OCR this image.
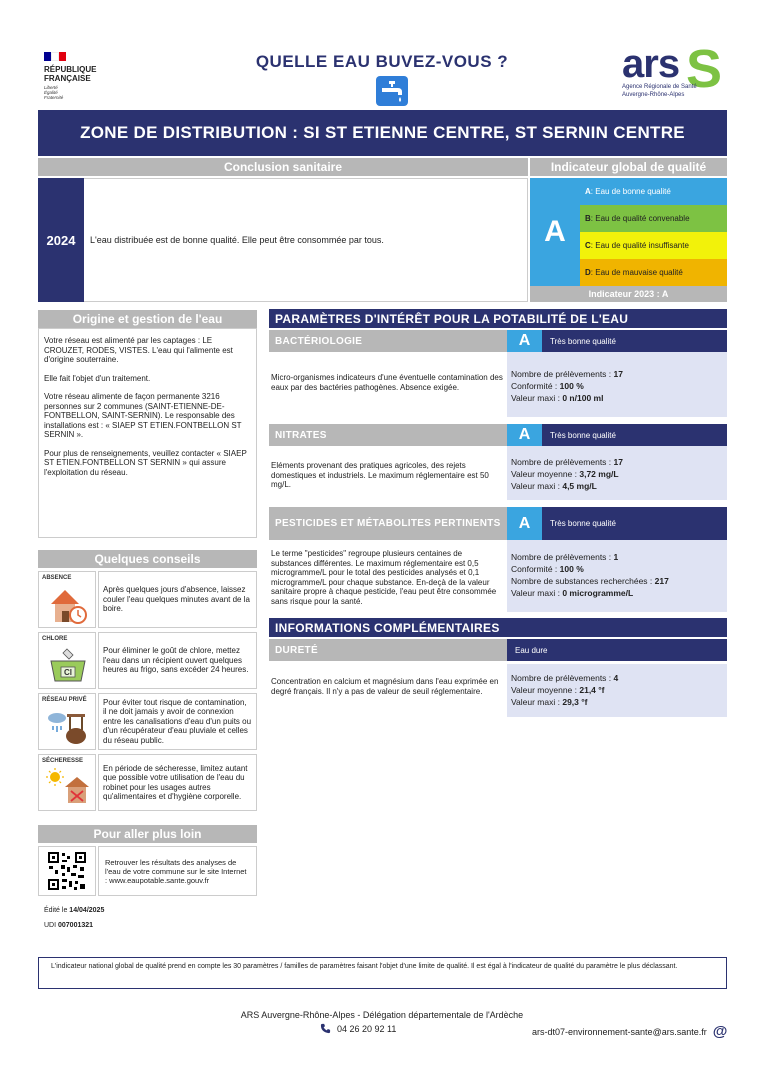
RÉPUBLIQUE
FRANÇAISE
Liberté
Égalité
Fraternité
QUELLE EAU BUVEZ-VOUS ?	ars S
Agence Régionale de Santé
Auvergne-Rhône-Alpes
ZONE DE DISTRIBUTION : SI ST ETIENNE CENTRE, ST SERNIN CENTRE
Conclusion sanitaire	Indicateur global de qualité
2024	L'eau distribuée est de bonne qualité. Elle peut être consommée par tous.	A
A : Eau de bonne qualité
B : Eau de qualité convenable
C : Eau de qualité insuffisante
D : Eau de mauvaise qualité
Indicateur 2023 : A
Origine et gestion de l'eau

Votre réseau est alimenté par les captages : LE CROUZET, RODES, VISTES. L'eau qui l'alimente est d'origine souterraine.

Elle fait l'objet d'un traitement.

Votre réseau alimente de façon permanente 3216 personnes sur 2 communes (SAINT-ETIENNE-DE-FONTBELLON, SAINT-SERNIN). Le responsable des installations est : « SIAEP ST ETIEN.FONTBELLON ST SERNIN ».

Pour plus de renseignements, veuillez contacter « SIAEP ST ETIEN.FONTBELLON ST SERNIN » qui assure l'exploitation du réseau.

Quelques conseils
ABSENCE
Après quelques jours d'absence, laissez couler l'eau quelques minutes avant de la boire.
CHLORE
Cl
Pour éliminer le goût de chlore, mettez l'eau dans un récipient ouvert quelques heures au frigo, sans excéder 24 heures.
RÉSEAU PRIVÉ	Pour éviter tout risque de contamination, il ne doit jamais y avoir de connexion entre les canalisations d'eau d'un puits ou d'un récupérateur d'eau pluviale et celles du réseau public.
SÉCHERESSE
En période de sécheresse, limitez autant que possible votre utilisation de l'eau du robinet pour les usages autres qu'alimentaires et d'hygiène corporelle.
Pour aller plus loin
Retrouver les résultats des analyses de l'eau de votre commune sur le site Internet : www.eaupotable.sante.gouv.fr
Édité le 14/04/2025
UDI 007001321
PARAMÈTRES D'INTÉRÊT POUR LA POTABILITÉ DE L'EAU
BACTÉRIOLOGIE	A	Très bonne qualité
Micro-organismes indicateurs d'une éventuelle contamination des eaux par des bactéries pathogènes. Absence exigée.
Nombre de prélèvements : 17
Conformité : 100 %
Valeur maxi : 0 n/100 ml
NITRATES	A	Très bonne qualité
Eléments provenant des pratiques agricoles, des rejets domestiques et industriels. Le maximum réglementaire est 50 mg/L.
Nombre de prélèvements : 17
Valeur moyenne : 3,72 mg/L
Valeur maxi : 4,5 mg/L
PESTICIDES ET MÉTABOLITES PERTINENTS	A	Très bonne qualité
Le terme "pesticides" regroupe plusieurs centaines de substances différentes. Le maximum réglementaire est 0,5 microgramme/L pour le total des pesticides analysés et 0,1 microgramme/L pour chaque substance. En-deçà de la valeur sanitaire propre à chaque pesticide, l'eau peut être consommée sans risque pour la santé.
Nombre de prélèvements : 1
Conformité : 100 %
Nombre de substances recherchées : 217
Valeur maxi : 0 microgramme/L
INFORMATIONS COMPLÉMENTAIRES
DURETÉ	Eau dure
Concentration en calcium et magnésium dans l'eau exprimée en degré français. Il n'y a pas de valeur de seuil réglementaire.
Nombre de prélèvements : 4
Valeur moyenne : 21,4 °f
Valeur maxi : 29,3 °f
L'indicateur national global de qualité prend en compte les 30 paramètres / familles de paramètres faisant l'objet d'une limite de qualité. Il est égal à l'indicateur de qualité du paramètre le plus déclassant.
ARS Auvergne-Rhône-Alpes - Délégation départementale de l'Ardèche
04 26 20 92 11	ars-dt07-environnement-sante@ars.sante.fr @
